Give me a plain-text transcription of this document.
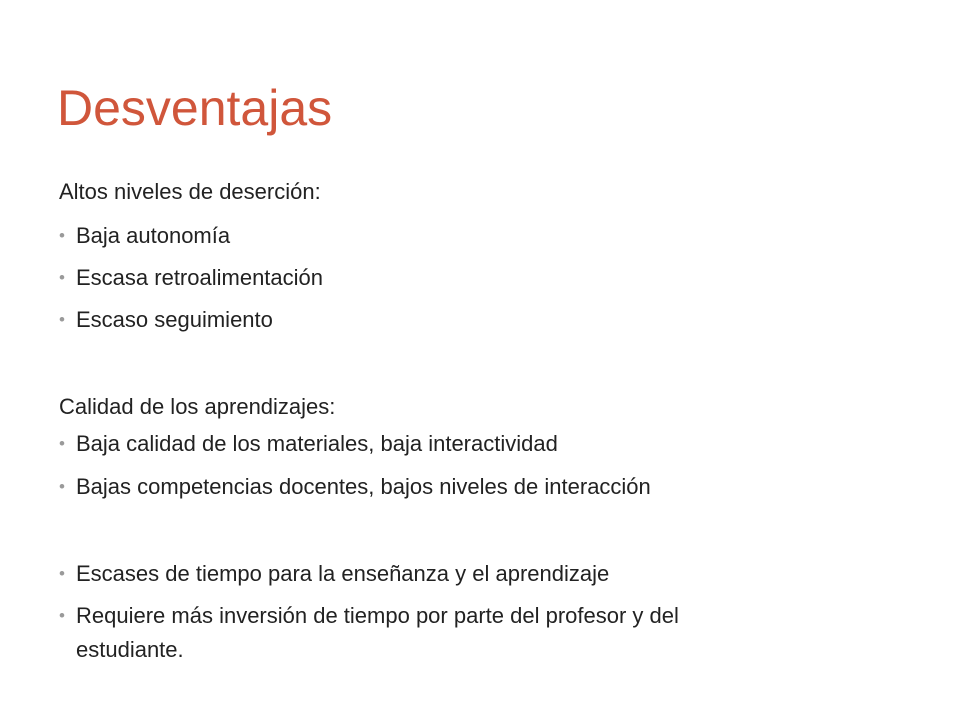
Desventajas
Altos niveles de deserción:
• Baja autonomía
• Escasa retroalimentación
• Escaso seguimiento
Calidad de los aprendizajes:
• Baja calidad de los materiales, baja interactividad
• Bajas competencias docentes, bajos niveles de interacción
• Escases de tiempo para la enseñanza y el aprendizaje
• Requiere más inversión de tiempo por parte del profesor y del
estudiante.
